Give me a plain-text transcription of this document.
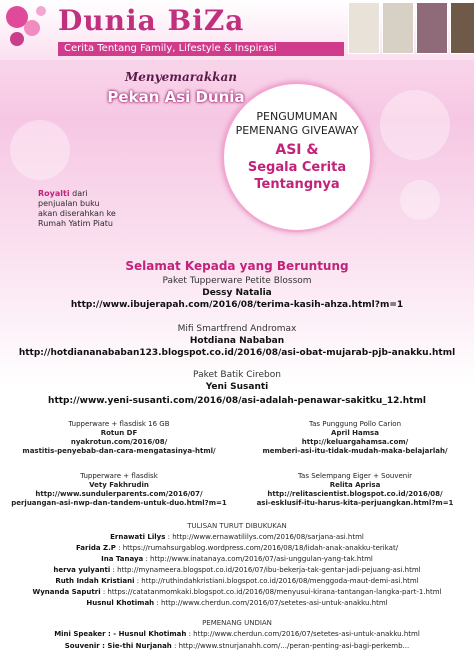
Dunia BiZa
Cerita Tentang Family, Lifestyle & Inspirasi
Menyemarakkan
Pekan Asi Dunia
PENGUMUMAN
PEMENANG GIVEAWAY
ASI &
Segala Cerita
Tentangnya
Royalti dari penjualan buku akan diserahkan ke Rumah Yatim Piatu
Selamat Kepada yang Beruntung
Paket Tupperware Petite Blossom
Dessy Natalia
http://www.ibujerapah.com/2016/08/terima-kasih-ahza.html?m=1
Mifi Smartfrend Andromax
Hotdiana Nababan
http://hotdiananababan123.blogspot.co.id/2016/08/asi-obat-mujarab-pjb-anakku.html
Paket Batik Cirebon
Yeni Susanti
http://www.yeni-susanti.com/2016/08/asi-adalah-penawar-sakitku_12.html
Tupperware + flasdisk 16 GB
Rotun DF
nyakrotun.com/2016/08/
mastitis-penyebab-dan-cara-mengatasinya-html/
Tas Punggung Pollo Carion
April Hamsa
http://keluargahamsa.com/
memberi-asi-itu-tidak-mudah-maka-belajarlah/
Tupperware + flasdisk
Vety Fakhrudin
http://www.sundulerparents.com/2016/07/
perjuangan-asi-nwp-dan-tandem-untuk-duo.html?m=1
Tas Selempang Eiger + Souvenir
Relita Aprisa
http://relitascientist.blogspot.co.id/2016/08/
asi-esklusif-itu-harus-kita-perjuangkan.html?m=1
TULISAN TURUT DIBUKUKAN
Ernawati Lilys : http://www.ernawatililys.com/2016/08/sarjana-asi.html
Farida Z.P : https://rumahsurgablog.wordpress.com/2016/08/18/lidah-anak-anakku-terikat/
Ina Tanaya : http://www.inatanaya.com/2016/07/asi-unggulan-yang-tak.html
herva yulyanti : http://mynameera.blogspot.co.id/2016/07/ibu-bekerja-tak-gentar-jadi-pejuang-asi.html
Ruth Indah Kristiani : http://ruthindahkristiani.blogspot.co.id/2016/08/menggoda-maut-demi-asi.html
Wynanda Saputri : https://catatanmomkaki.blogspot.co.id/2016/08/menyusui-kirana-tantangan-langka-part-1.html
Husnul Khotimah : http://www.cherdun.com/2016/07/setetes-asi-untuk-anakku.html
PEMENANG UNDIAN
Mini Speaker : - Husnul Khotimah : http://www.cherdun.com/2016/07/setetes-asi-untuk-anakku.html
Souvenir : Sie-thi Nurjanah : http://www.stnurjanahh.com/.../peran-penting-asi-bagi-perkemb...
